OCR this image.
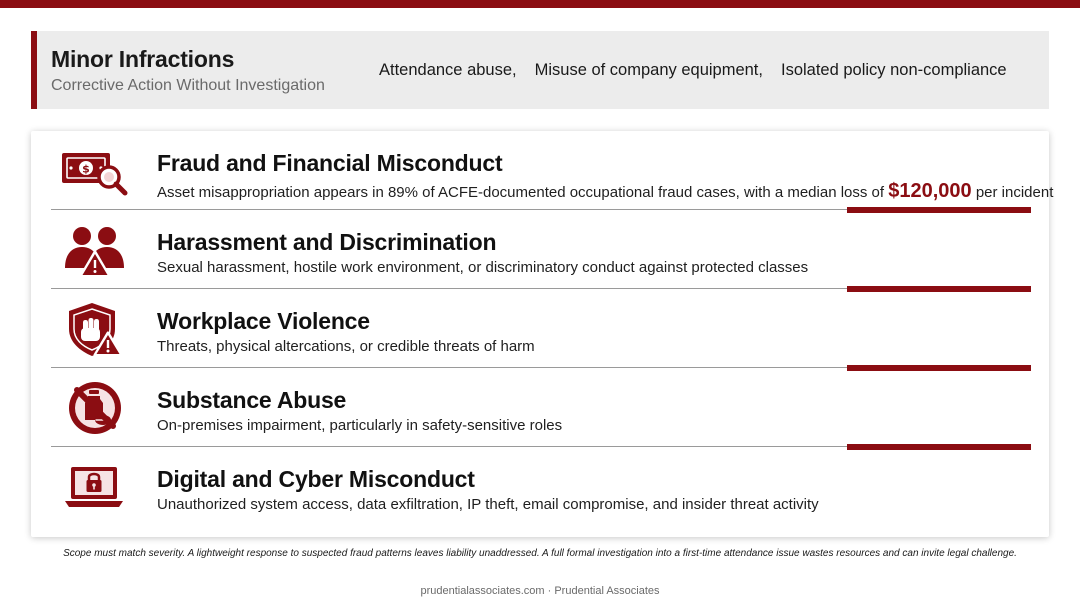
Minor Infractions
Corrective Action Without Investigation
Attendance abuse, Misuse of company equipment, Isolated policy non-compliance
$	Fraud and Financial Misconduct
Asset misappropriation appears in 89% of ACFE-documented occupational fraud cases, with a median loss of $120,000 per incident
Harassment and Discrimination
Sexual harassment, hostile work environment, or discriminatory conduct against protected classes
Workplace Violence
Threats, physical altercations, or credible threats of harm
Substance Abuse
On-premises impairment, particularly in safety-sensitive roles
Digital and Cyber Misconduct
Unauthorized system access, data exfiltration, IP theft, email compromise, and insider threat activity
Scope must match severity. A lightweight response to suspected fraud patterns leaves liability unaddressed. A full formal investigation into a first-time attendance issue wastes resources and can invite legal challenge.
prudentialassociates.com · Prudential Associates
